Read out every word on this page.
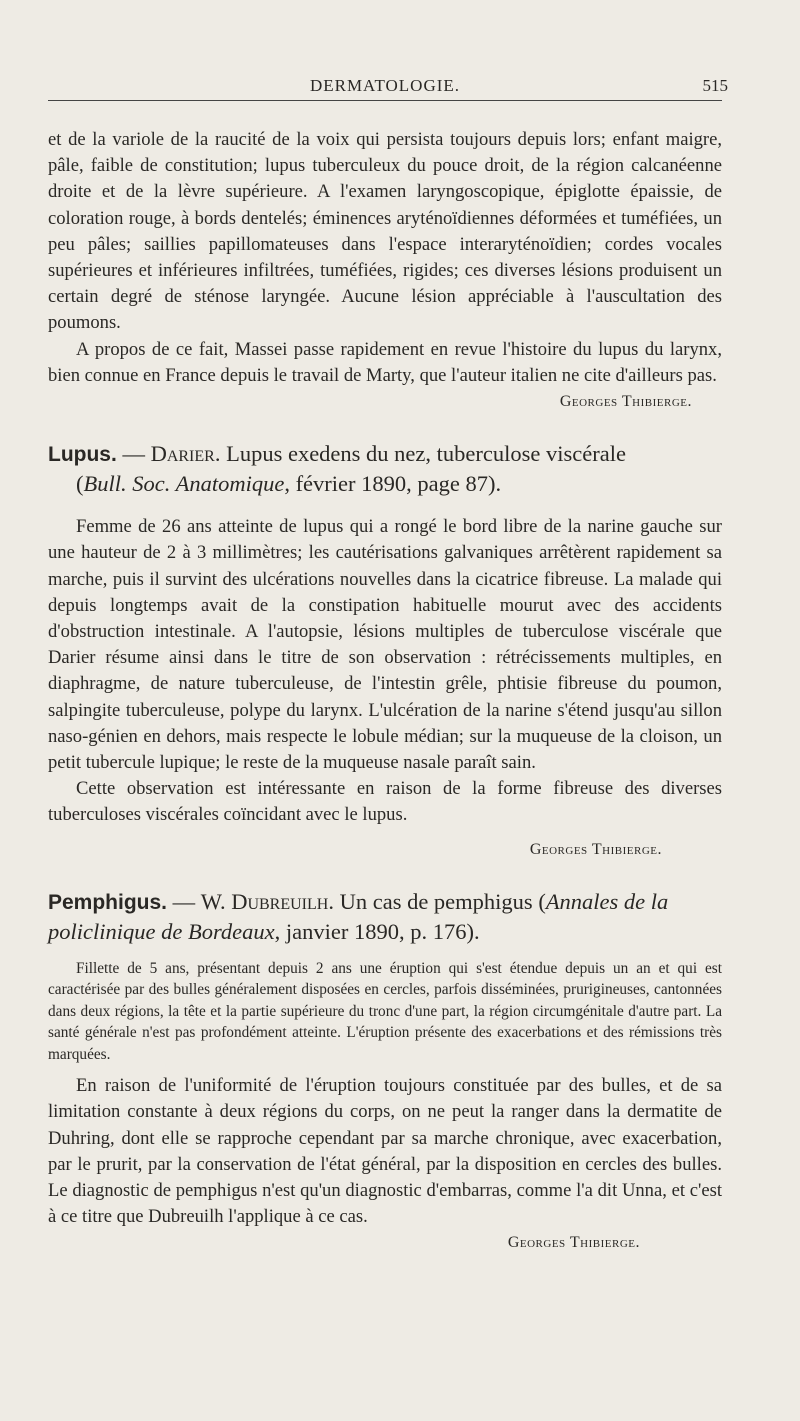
DERMATOLOGIE.	515

et de la variole de la raucité de la voix qui persista toujours depuis lors; enfant maigre, pâle, faible de constitution; lupus tuberculeux du pouce droit, de la région calcanéenne droite et de la lèvre supérieure. A l'examen laryngoscopique, épiglotte épaissie, de coloration rouge, à bords dentelés; éminences aryténoïdiennes déformées et tuméfiées, un peu pâles; saillies papillomateuses dans l'espace interaryténoïdien; cordes vocales supérieures et inférieures infiltrées, tuméfiées, rigides; ces diverses lésions produisent un certain degré de sténose laryngée. Aucune lésion appréciable à l'auscultation des poumons.

A propos de ce fait, Massei passe rapidement en revue l'histoire du lupus du larynx, bien connue en France depuis le travail de Marty, que l'auteur italien ne cite d'ailleurs pas.
Georges Thibierge.

Lupus. — Darier. Lupus exedens du nez, tuberculose viscérale
(Bull. Soc. Anatomique, février 1890, page 87).

Femme de 26 ans atteinte de lupus qui a rongé le bord libre de la narine gauche sur une hauteur de 2 à 3 millimètres; les cautérisations galvaniques arrêtèrent rapidement sa marche, puis il survint des ulcérations nouvelles dans la cicatrice fibreuse. La malade qui depuis longtemps avait de la constipation habituelle mourut avec des accidents d'obstruction intestinale. A l'autopsie, lésions multiples de tuberculose viscérale que Darier résume ainsi dans le titre de son observation : rétrécissements multiples, en diaphragme, de nature tuberculeuse, de l'intestin grêle, phtisie fibreuse du poumon, salpingite tuberculeuse, polype du larynx. L'ulcération de la narine s'étend jusqu'au sillon naso-génien en dehors, mais respecte le lobule médian; sur la muqueuse de la cloison, un petit tubercule lupique; le reste de la muqueuse nasale paraît sain.

Cette observation est intéressante en raison de la forme fibreuse des diverses tuberculoses viscérales coïncidant avec le lupus.

Georges Thibierge.

Pemphigus. — W. Dubreuilh. Un cas de pemphigus (Annales de la policlinique de Bordeaux, janvier 1890, p. 176).

Fillette de 5 ans, présentant depuis 2 ans une éruption qui s'est étendue depuis un an et qui est caractérisée par des bulles généralement disposées en cercles, parfois disséminées, prurigineuses, cantonnées dans deux régions, la tête et la partie supérieure du tronc d'une part, la région circumgénitale d'autre part. La santé générale n'est pas profondément atteinte. L'éruption présente des exacerbations et des rémissions très marquées.

En raison de l'uniformité de l'éruption toujours constituée par des bulles, et de sa limitation constante à deux régions du corps, on ne peut la ranger dans la dermatite de Duhring, dont elle se rapproche cependant par sa marche chronique, avec exacerbation, par le prurit, par la conservation de l'état général, par la disposition en cercles des bulles. Le diagnostic de pemphigus n'est qu'un diagnostic d'embarras, comme l'a dit Unna, et c'est à ce titre que Dubreuilh l'applique à ce cas.

Georges Thibierge.
